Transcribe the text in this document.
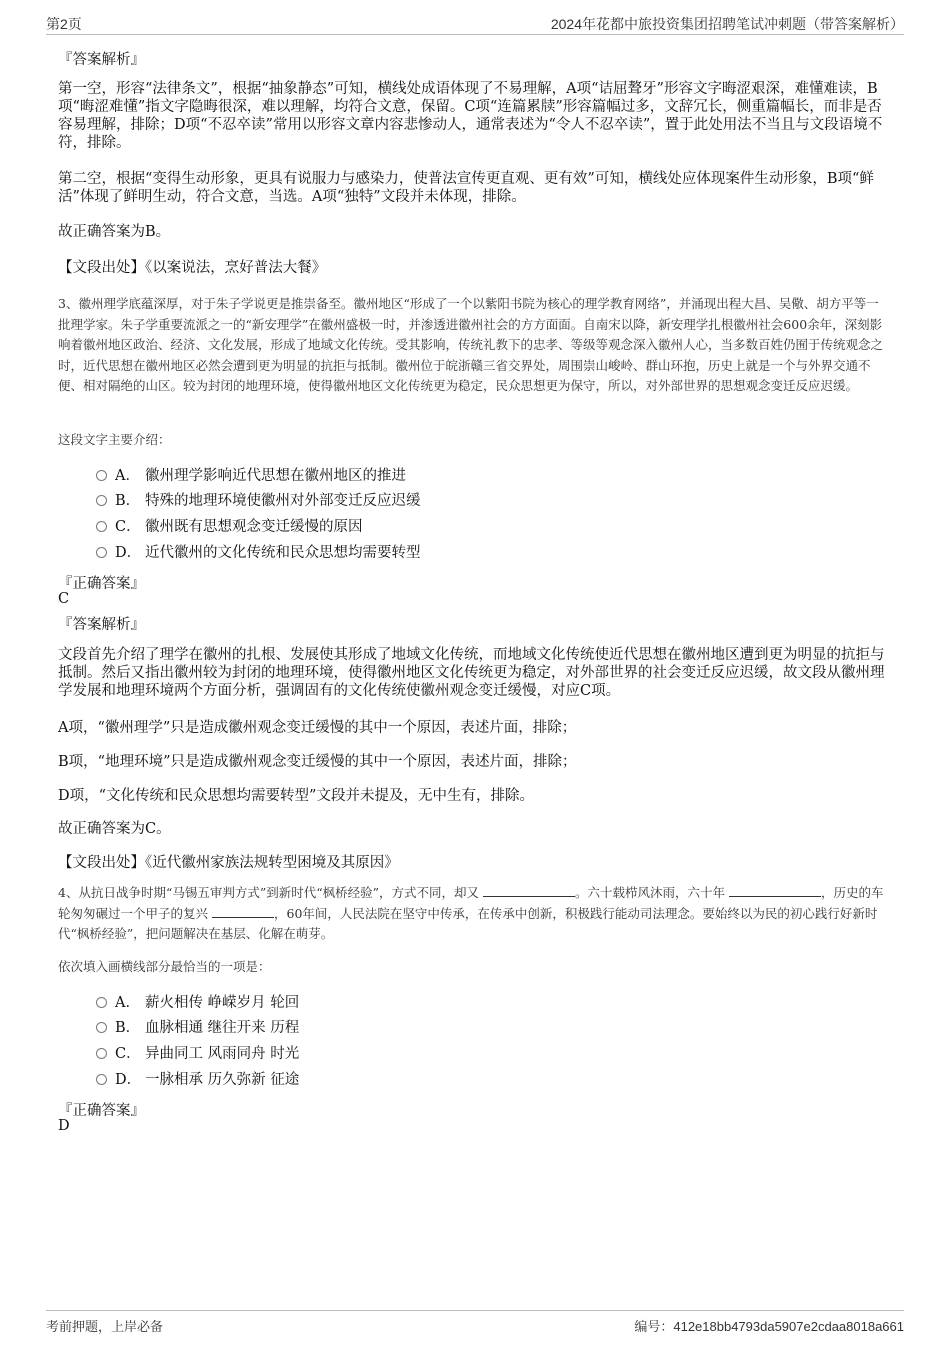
第2页	2024年花都中旅投资集团招聘笔试冲刺题（带答案解析）
『答案解析』
第一空，形容“法律条文”，根据“抽象静态”可知，横线处成语体现了不易理解，A项“诘屈聱牙”形容文字晦涩艰深，难懂难读，B项“晦涩难懂”指文字隐晦很深，难以理解，均符合文意，保留。C项“连篇累牍”形容篇幅过多，文辞冗长，侧重篇幅长，而非是否容易理解，排除；D项“不忍卒读”常用以形容文章内容悲惨动人，通常表述为“令人不忍卒读”，置于此处用法不当且与文段语境不符，排除。
第二空，根据“变得生动形象，更具有说服力与感染力，使普法宣传更直观、更有效”可知，横线处应体现案件生动形象，B项“鲜活”体现了鲜明生动，符合文意，当选。A项“独特”文段并未体现，排除。
故正确答案为B。
【文段出处】《以案说法，烹好普法大餐》
3、徽州理学底蕴深厚，对于朱子学说更是推崇备至。徽州地区“形成了一个以紫阳书院为核心的理学教育网络”，并涌现出程大昌、吴儆、胡方平等一批理学家。朱子学重要流派之一的“新安理学”在徽州盛极一时，并渗透进徽州社会的方方面面。自南宋以降，新安理学扎根徽州社会600余年，深刻影响着徽州地区政治、经济、文化发展，形成了地域文化传统。受其影响，传统礼教下的忠孝、等级等观念深入徽州人心，当多数百姓仍囿于传统观念之时，近代思想在徽州地区必然会遭到更为明显的抗拒与抵制。徽州位于皖浙赣三省交界处，周围崇山峻岭、群山环抱，历史上就是一个与外界交通不便、相对隔绝的山区。较为封闭的地理环境，使得徽州地区文化传统更为稳定，民众思想更为保守，所以，对外部世界的思想观念变迁反应迟缓。
这段文字主要介绍：
A． 徽州理学影响近代思想在徽州地区的推进
B． 特殊的地理环境使徽州对外部变迁反应迟缓
C． 徽州既有思想观念变迁缓慢的原因
D． 近代徽州的文化传统和民众思想均需要转型
『正确答案』
C
『答案解析』
文段首先介绍了理学在徽州的扎根、发展使其形成了地域文化传统，而地域文化传统使近代思想在徽州地区遭到更为明显的抗拒与抵制。然后又指出徽州较为封闭的地理环境，使得徽州地区文化传统更为稳定，对外部世界的社会变迁反应迟缓，故文段从徽州理学发展和地理环境两个方面分析，强调固有的文化传统使徽州观念变迁缓慢，对应C项。
A项，“徽州理学”只是造成徽州观念变迁缓慢的其中一个原因，表述片面，排除；
B项，“地理环境”只是造成徽州观念变迁缓慢的其中一个原因，表述片面，排除；
D项，“文化传统和民众思想均需要转型”文段并未提及，无中生有，排除。
故正确答案为C。
【文段出处】《近代徽州家族法规转型困境及其原因》
4、从抗日战争时期“马锡五审判方式”到新时代“枫桥经验”，方式不同，却又	。六十载栉风沐雨，六十年	，历史的车轮匆匆碾过一个甲子的复兴	，60年间，人民法院在坚守中传承，在传承中创新，积极践行能动司法理念。要始终以为民的初心践行好新时代“枫桥经验”，把问题解决在基层、化解在萌芽。
依次填入画横线部分最恰当的一项是：
A． 薪火相传 峥嵘岁月 轮回
B． 血脉相通 继往开来 历程
C． 异曲同工 风雨同舟 时光
D． 一脉相承 历久弥新 征途
『正确答案』
D
考前押题，上岸必备	编号：412e18bb4793da5907e2cdaa8018a661
